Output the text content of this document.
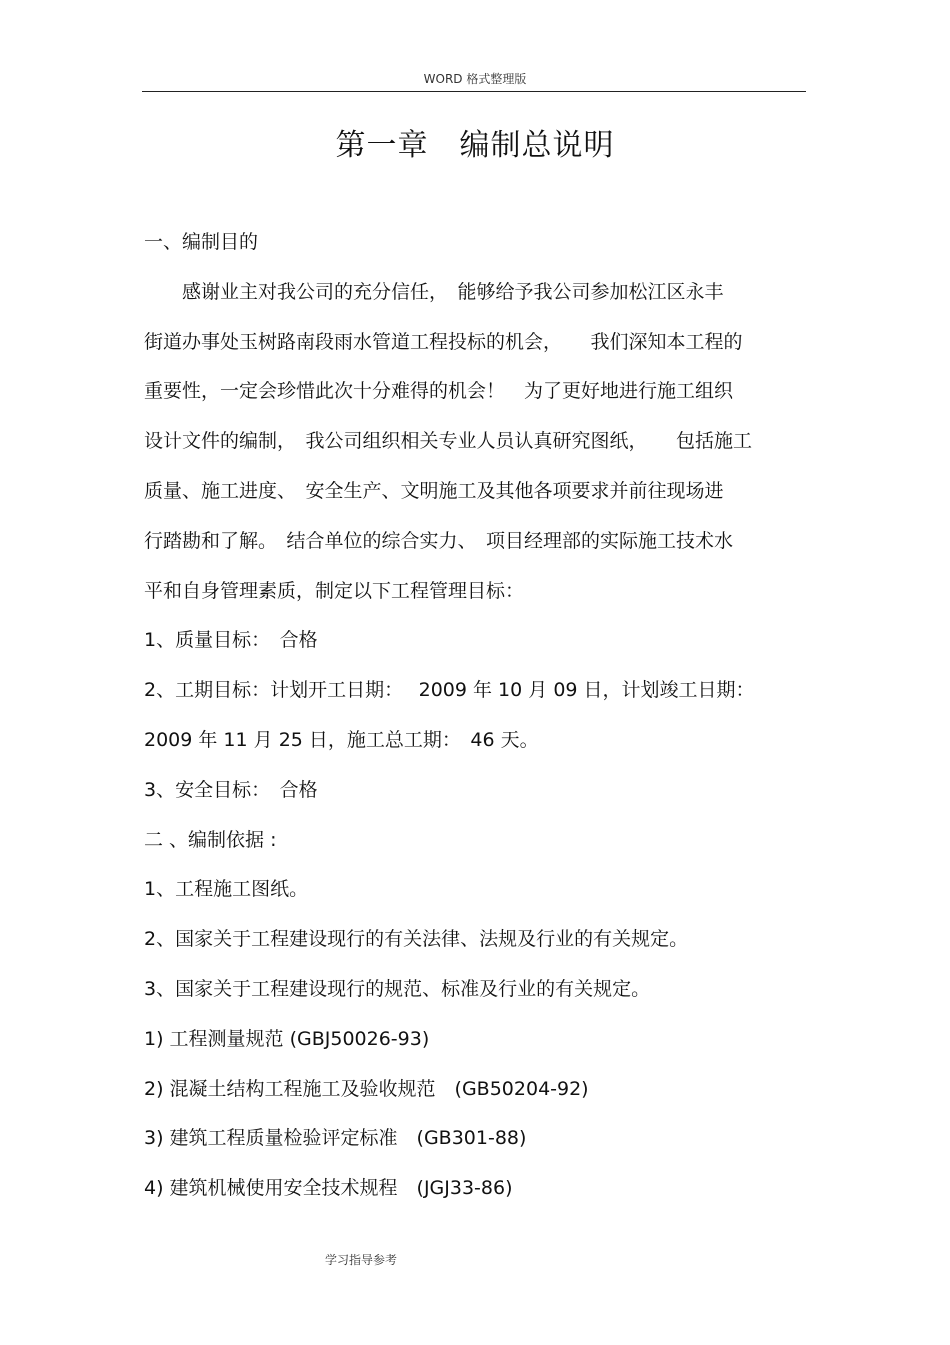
WORD 格式整理版
第一章　编制总说明
一、编制目的
　　感谢业主对我公司的充分信任，　能够给予我公司参加松江区永丰
街道办事处玉树路南段雨水管道工程投标的机会，　　我们深知本工程的
重要性，一定会珍惜此次十分难得的机会！　为了更好地进行施工组织
设计文件的编制，　我公司组织相关专业人员认真研究图纸，　　包括施工
质量、施工进度、　安全生产、文明施工及其他各项要求并前往现场进
行踏勘和了解。　结合单位的综合实力、　项目经理部的实际施工技术水
平和自身管理素质，制定以下工程管理目标：
1、质量目标：　合格
2、工期目标：计划开工日期：　 2009 年 10 月 09 日，计划竣工日期：
2009 年 11 月 25 日，施工总工期：　46 天。
3、安全目标：　合格
二 、编制依据 :
1、工程施工图纸。
2、国家关于工程建设现行的有关法律、法规及行业的有关规定。
3、国家关于工程建设现行的规范、标准及行业的有关规定。
1) 工程测量规范 (GBJ50026-93)
2) 混凝土结构工程施工及验收规范　(GB50204-92)
3) 建筑工程质量检验评定标准　(GB301-88)
4) 建筑机械使用安全技术规程　(JGJ33-86)
学习指导参考
